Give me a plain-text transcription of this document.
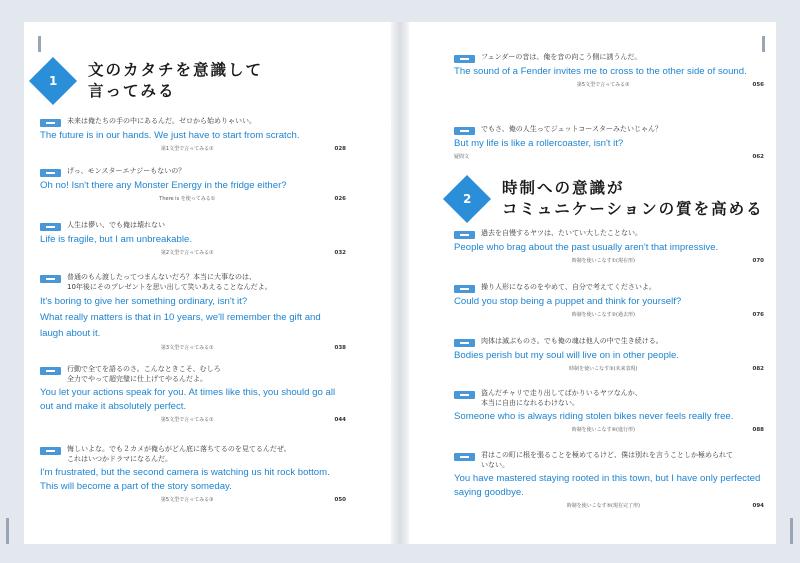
1
文のカタチを意識して
言ってみる
未来は俺たちの手の中にあるんだ。ゼロから始めりゃいい。
The future is in our hands. We just have to start from scratch.
第1文型で言ってみる①	028
げっ、モンスターエナジーもないの？
Oh no! Isn't there any Monster Energy in the fridge either?
There is を使ってみる①	026
人生は儚い、でも俺は壊れない
Life is fragile, but I am unbreakable.
第2文型で言ってみる①	032
普通のもん渡したってつまんないだろ？本当に大事なのは、
10年後にそのプレゼントを思い出して笑いあえることなんだよ。
It's boring to give her something ordinary, isn't it?
What really matters is that in 10 years, we'll remember the gift and laugh about it.
第3文型で言ってみる①	038
行動で全てを語るのさ。こんなときこそ、むしろ
全力でやって超完璧に仕上げてやるんだよ。
You let your actions speak for you. At times like this, you should go all out and make it absolutely perfect.
第5文型で言ってみる①	044
悔しいよな。でも２カメが俺らがどん底に落ちてるのを見てるんだぜ。
これはいつかドラマになるんだ。
I'm frustrated, but the second camera is watching us hit rock bottom. This will become a part of the story someday.
第5文型で言ってみる③	050
フェンダーの音は、俺を音の向こう側に誘うんだ。
The sound of a Fender invites me to cross to the other side of sound.
第5文型で言ってみる②	056
でもさ、俺の人生ってジェットコースターみたいじゃん？
But my life is like a rollercoaster, isn't it?
疑問文	062
2
時制への意識が
コミュニケーションの質を高める
過去を自慢するヤツは、たいてい大したことない。
People who brag about the past usually aren't that impressive.
時制を使いこなす①(現在形)	070
操り人形になるのをやめて、自分で考えてくださいよ。
Could you stop being a puppet and think for yourself?
時制を使いこなす②(過去形)	076
肉体は滅ぶものさ。でも俺の魂は他人の中で生き続ける。
Bodies perish but my soul will live on in other people.
時制を使いこなす③(未来表現)	082
盗んだチャリで走り出してばかりいるヤツなんか、
本当に自由になれるわけない。
Someone who is always riding stolen bikes never feels really free.
時制を使いこなす④(進行形)	088
君はこの町に根を張ることを極めてるけど、僕は別れを言うことしか極められて
いない。
You have mastered staying rooted in this town, but I have only perfected saying goodbye.
時制を使いこなす⑤(現在完了形)	094
